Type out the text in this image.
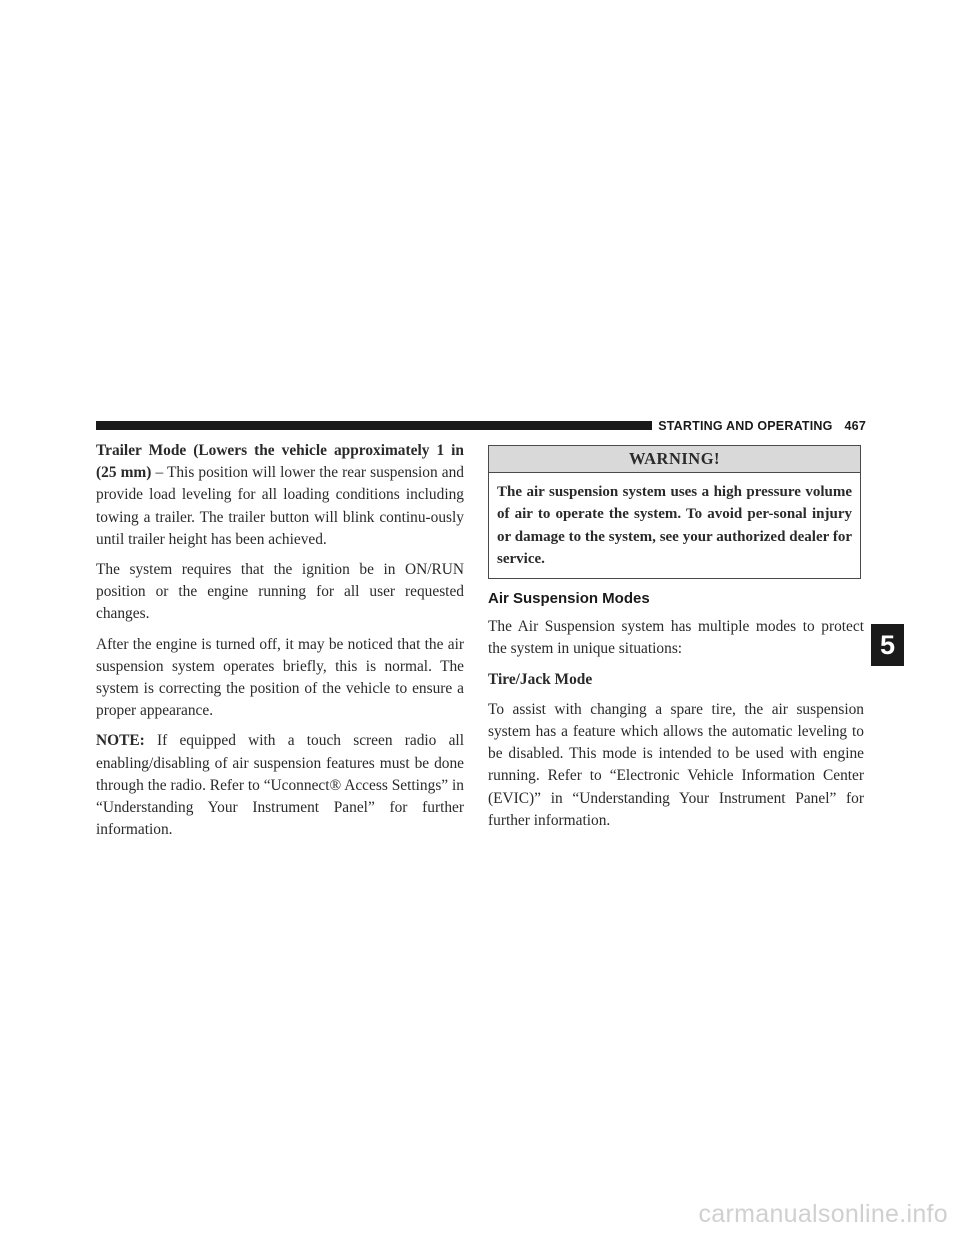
STARTING AND OPERATING 467

Trailer Mode (Lowers the vehicle approximately 1 in (25 mm) – This position will lower the rear suspension and provide load leveling for all loading conditions including towing a trailer. The trailer button will blink continu-ously until trailer height has been achieved.

The system requires that the ignition be in ON/RUN position or the engine running for all user requested changes.

After the engine is turned off, it may be noticed that the air suspension system operates briefly, this is normal. The system is correcting the position of the vehicle to ensure a proper appearance.

NOTE: If equipped with a touch screen radio all enabling/disabling of air suspension features must be done through the radio. Refer to “Uconnect® Access Settings” in “Understanding Your Instrument Panel” for further information.

WARNING!
The air suspension system uses a high pressure volume of air to operate the system. To avoid per-sonal injury or damage to the system, see your authorized dealer for service.
Air Suspension Modes

The Air Suspension system has multiple modes to protect the system in unique situations:

Tire/Jack Mode

To assist with changing a spare tire, the air suspension system has a feature which allows the automatic leveling to be disabled. This mode is intended to be used with engine running. Refer to “Electronic Vehicle Information Center (EVIC)” in “Understanding Your Instrument Panel” for further information.

5
carmanualsonline.info
